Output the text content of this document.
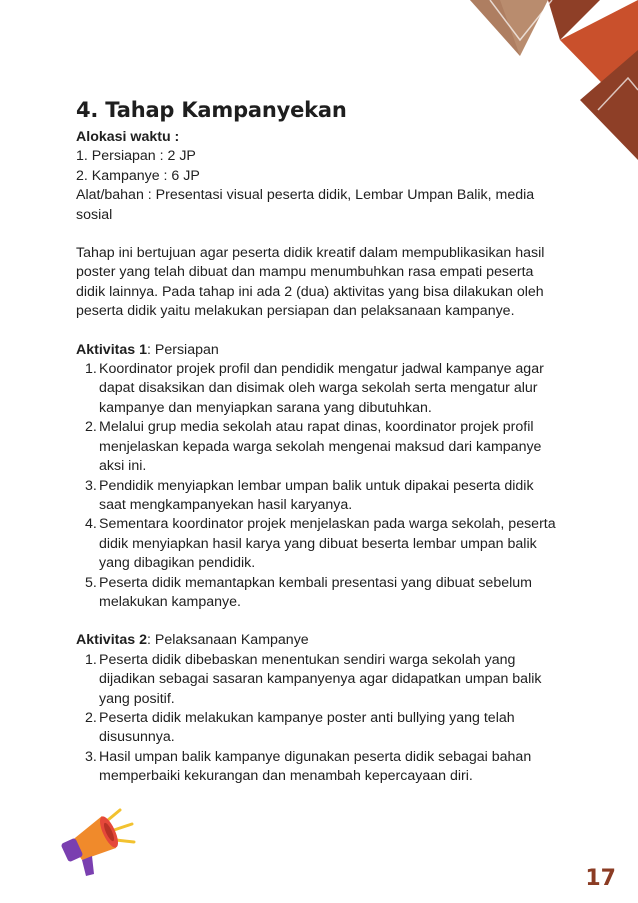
4. Tahap Kampanyekan

Alokasi waktu :

1. Persiapan : 2 JP

2. Kampanye : 6 JP

Alat/bahan : Presentasi visual peserta didik, Lembar Umpan Balik, media sosial

Tahap ini bertujuan agar peserta didik kreatif dalam mempublikasikan hasil poster yang telah dibuat dan mampu menumbuhkan rasa empati peserta didik lainnya. Pada tahap ini ada 2 (dua) aktivitas yang bisa dilakukan oleh peserta didik yaitu melakukan persiapan dan pelaksanaan kampanye.

Aktivitas 1: Persiapan

1. Koordinator projek profil dan pendidik mengatur jadwal kampanye agar dapat disaksikan dan disimak oleh warga sekolah serta mengatur alur kampanye dan menyiapkan sarana yang dibutuhkan.
2. Melalui grup media sekolah atau rapat dinas, koordinator projek profil menjelaskan kepada warga sekolah mengenai maksud dari kampanye aksi ini.
3. Pendidik menyiapkan lembar umpan balik untuk dipakai peserta didik saat mengkampanyekan hasil karyanya.
4. Sementara koordinator projek menjelaskan pada warga sekolah, peserta didik menyiapkan hasil karya yang dibuat beserta lembar umpan balik yang dibagikan pendidik.
5. Peserta didik memantapkan kembali presentasi yang dibuat sebelum melakukan kampanye.

Aktivitas 2: Pelaksanaan Kampanye

1. Peserta didik dibebaskan menentukan sendiri warga sekolah yang dijadikan sebagai sasaran kampanyenya agar didapatkan umpan balik yang positif.
2. Peserta didik melakukan kampanye poster anti bullying yang telah disusunnya.
3. Hasil umpan balik kampanye digunakan peserta didik sebagai bahan memperbaiki kekurangan dan menambah kepercayaan diri.
17
